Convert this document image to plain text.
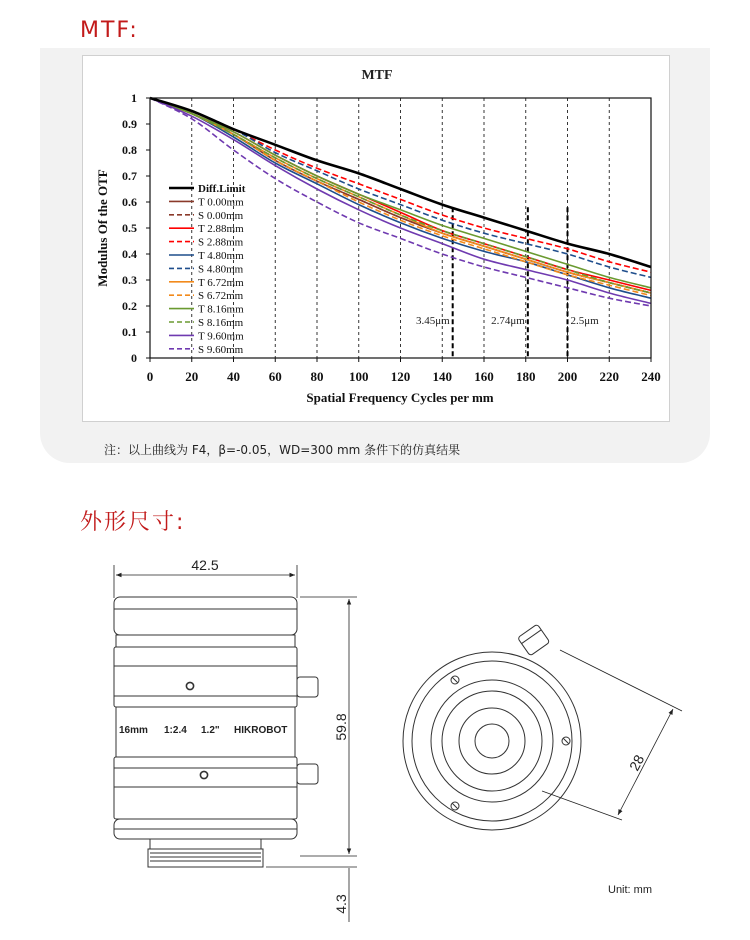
MTF:
MTF
3.45μm	2.74μm	2.5μm
0 20 40 60 80 100 120 140 160 180 200 220 240
0
0.1
0.2
0.3
0.4
0.5
0.6
0.7
0.8
0.9
1
Diff.Limit
T 0.00mm
S 0.00mm
T 2.88mm
S 2.88mm
T 4.80mm
S 4.80mm
T 6.72mm
S 6.72mm
T 8.16mm
S 8.16mm
T 9.60mm
S 9.60mm
Spatial Frequency Cycles per mm
Modulus Of the OTF
注：以上曲线为 F4，β=-0.05，WD=300 mm 条件下的仿真结果
外形尺寸:
42.5
16mm 1:2.4 1.2" HIKROBOT	59.8
4.3
28
Unit: mm
